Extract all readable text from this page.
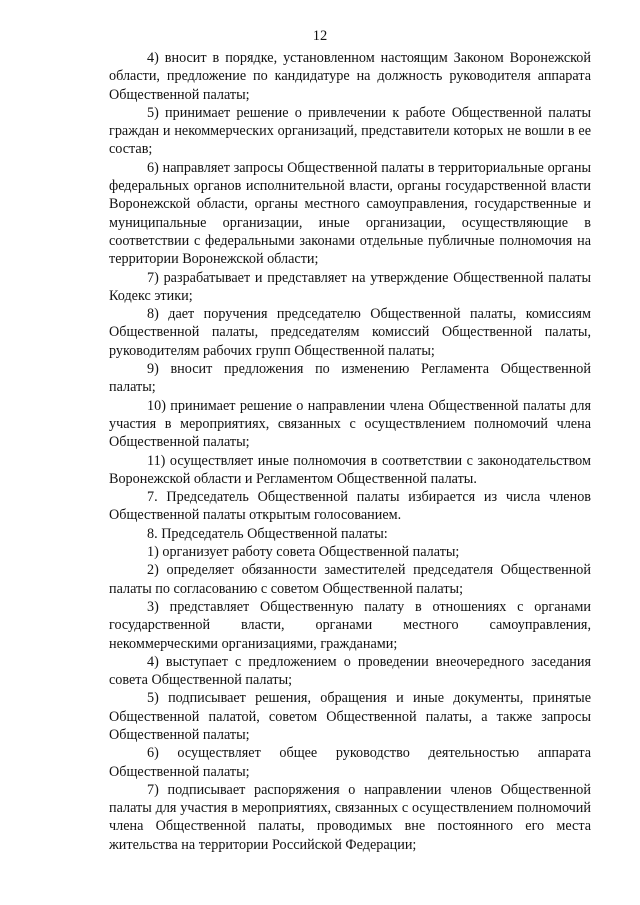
12

4) вносит в порядке, установленном настоящим Законом Воронежской области, предложение по кандидатуре на должность руководителя аппарата Общественной палаты;

5) принимает решение о привлечении к работе Общественной палаты граждан и некоммерческих организаций, представители которых не вошли в ее состав;

6) направляет запросы Общественной палаты в территориальные органы федеральных органов исполнительной власти, органы государственной власти Воронежской области, органы местного самоуправления, государственные и муниципальные организации, иные организации, осуществляющие в соответствии с федеральными законами отдельные публичные полномочия на территории Воронежской области;

7) разрабатывает и представляет на утверждение Общественной палаты Кодекс этики;

8) дает поручения председателю Общественной палаты, комиссиям Общественной палаты, председателям комиссий Общественной палаты, руководителям рабочих групп Общественной палаты;

9) вносит предложения по изменению Регламента Общественной палаты;

10) принимает решение о направлении члена Общественной палаты для участия в мероприятиях, связанных с осуществлением полномочий члена Общественной палаты;

11) осуществляет иные полномочия в соответствии с законодательством Воронежской области и Регламентом Общественной палаты.

7. Председатель Общественной палаты избирается из числа членов Общественной палаты открытым голосованием.

8. Председатель Общественной палаты:

1) организует работу совета Общественной палаты;

2) определяет обязанности заместителей председателя Общественной палаты по согласованию с советом Общественной палаты;

3) представляет Общественную палату в отношениях с органами государственной власти, органами местного самоуправления, некоммерческими организациями, гражданами;

4) выступает с предложением о проведении внеочередного заседания совета Общественной палаты;

5) подписывает решения, обращения и иные документы, принятые Общественной палатой, советом Общественной палаты, а также запросы Общественной палаты;

6) осуществляет общее руководство деятельностью аппарата Общественной палаты;

7) подписывает распоряжения о направлении членов Общественной палаты для участия в мероприятиях, связанных с осуществлением полномочий члена Общественной палаты, проводимых вне постоянного его места жительства на территории Российской Федерации;
